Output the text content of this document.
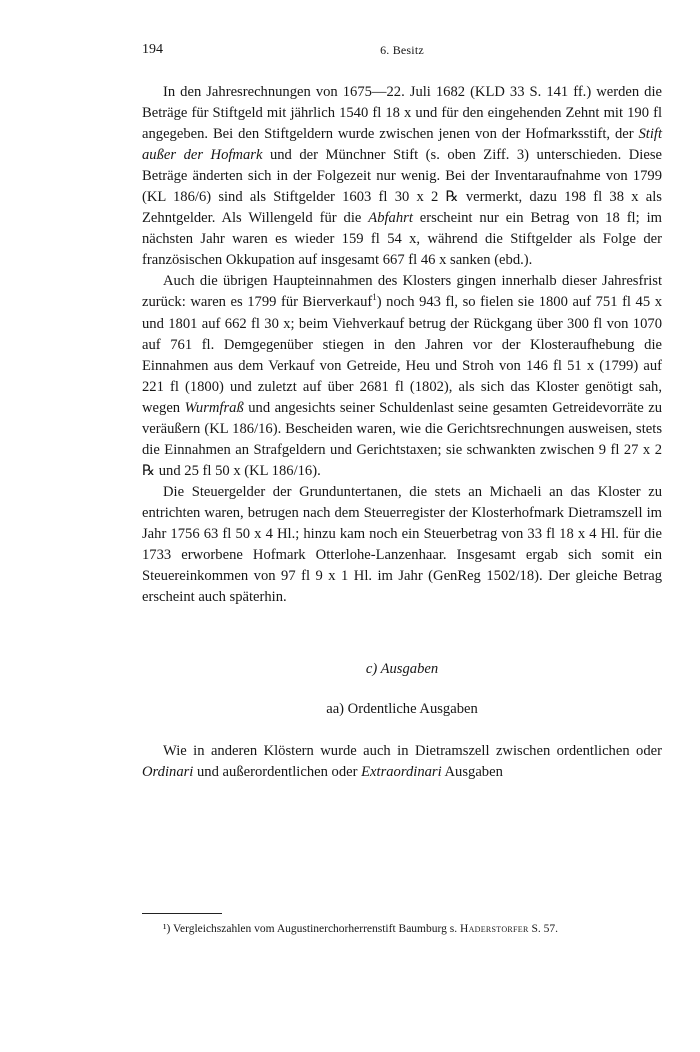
194	6. Besitz

In den Jahresrechnungen von 1675—22. Juli 1682 (KLD 33 S. 141 ff.) werden die Beträge für Stiftgeld mit jährlich 1540 fl 18 x und für den eingehenden Zehnt mit 190 fl angegeben. Bei den Stiftgeldern wurde zwischen jenen von der Hofmarksstift, der Stift außer der Hofmark und der Münchner Stift (s. oben Ziff. 3) unterschieden. Diese Beträge änderten sich in der Folgezeit nur wenig. Bei der Inventaraufnahme von 1799 (KL 186/6) sind als Stiftgelder 1603 fl 30 x 2 ℞ vermerkt, dazu 198 fl 38 x als Zehntgelder. Als Willengeld für die Abfahrt erscheint nur ein Betrag von 18 fl; im nächsten Jahr waren es wieder 159 fl 54 x, während die Stiftgelder als Folge der französischen Okkupation auf insgesamt 667 fl 46 x sanken (ebd.).

Auch die übrigen Haupteinnahmen des Klosters gingen innerhalb dieser Jahresfrist zurück: waren es 1799 für Bierverkauf$^1$) noch 943 fl, so fielen sie 1800 auf 751 fl 45 x und 1801 auf 662 fl 30 x; beim Viehverkauf betrug der Rückgang über 300 fl von 1070 auf 761 fl. Demgegenüber stiegen in den Jahren vor der Klosteraufhebung die Einnahmen aus dem Verkauf von Getreide, Heu und Stroh von 146 fl 51 x (1799) auf 221 fl (1800) und zuletzt auf über 2681 fl (1802), als sich das Kloster genötigt sah, wegen Wurmfraß und angesichts seiner Schuldenlast seine gesamten Getreidevorräte zu veräußern (KL 186/16). Bescheiden waren, wie die Gerichtsrechnungen ausweisen, stets die Einnahmen an Strafgeldern und Gerichtstaxen; sie schwankten zwischen 9 fl 27 x 2 ℞ und 25 fl 50 x (KL 186/16).

Die Steuergelder der Grunduntertanen, die stets an Michaeli an das Kloster zu entrichten waren, betrugen nach dem Steuerregister der Klosterhofmark Dietramszell im Jahr 1756 63 fl 50 x 4 Hl.; hinzu kam noch ein Steuerbetrag von 33 fl 18 x 4 Hl. für die 1733 erworbene Hofmark Otterlohe-Lanzenhaar. Insgesamt ergab sich somit ein Steuereinkommen von 97 fl 9 x 1 Hl. im Jahr (GenReg 1502/18). Der gleiche Betrag erscheint auch späterhin.

c) Ausgaben
aa) Ordentliche Ausgaben

Wie in anderen Klöstern wurde auch in Dietramszell zwischen ordentlichen oder Ordinari und außerordentlichen oder Extraordinari Ausgaben

¹) Vergleichszahlen vom Augustinerchorherrenstift Baumburg s. Haderstorfer S. 57.
